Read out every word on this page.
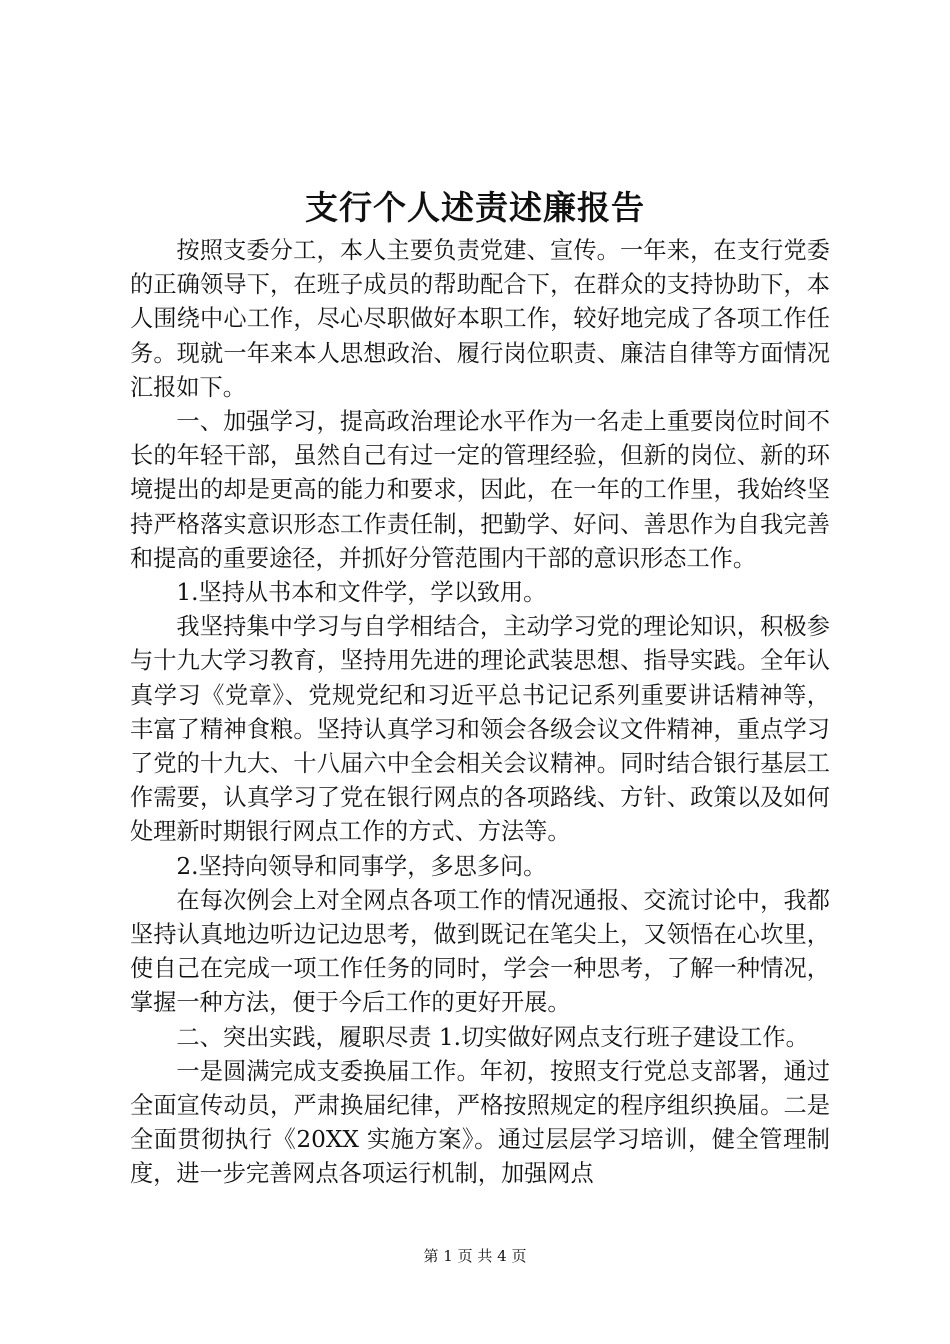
支行个人述责述廉报告

按照支委分工，本人主要负责党建、宣传。一年来，在支行党委的正确领导下，在班子成员的帮助配合下，在群众的支持协助下，本人围绕中心工作，尽心尽职做好本职工作，较好地完成了各项工作任务。现就一年来本人思想政治、履行岗位职责、廉洁自律等方面情况汇报如下。

一、加强学习，提高政治理论水平作为一名走上重要岗位时间不长的年轻干部，虽然自己有过一定的管理经验，但新的岗位、新的环境提出的却是更高的能力和要求，因此，在一年的工作里，我始终坚持严格落实意识形态工作责任制，把勤学、好问、善思作为自我完善和提高的重要途径，并抓好分管范围内干部的意识形态工作。

1.坚持从书本和文件学，学以致用。

我坚持集中学习与自学相结合，主动学习党的理论知识，积极参与十九大学习教育，坚持用先进的理论武装思想、指导实践。全年认真学习《党章》、党规党纪和习近平总书记记系列重要讲话精神等，丰富了精神食粮。坚持认真学习和领会各级会议文件精神，重点学习了党的十九大、十八届六中全会相关会议精神。同时结合银行基层工作需要，认真学习了党在银行网点的各项路线、方针、政策以及如何处理新时期银行网点工作的方式、方法等。

2.坚持向领导和同事学，多思多问。

在每次例会上对全网点各项工作的情况通报、交流讨论中，我都坚持认真地边听边记边思考，做到既记在笔尖上，又领悟在心坎里，使自己在完成一项工作任务的同时，学会一种思考，了解一种情况，掌握一种方法，便于今后工作的更好开展。

二、突出实践，履职尽责 1.切实做好网点支行班子建设工作。

一是圆满完成支委换届工作。年初，按照支行党总支部署，通过全面宣传动员，严肃换届纪律，严格按照规定的程序组织换届。二是全面贯彻执行《20XX 实施方案》。通过层层学习培训，健全管理制度，进一步完善网点各项运行机制，加强网点

第 1 页 共 4 页
